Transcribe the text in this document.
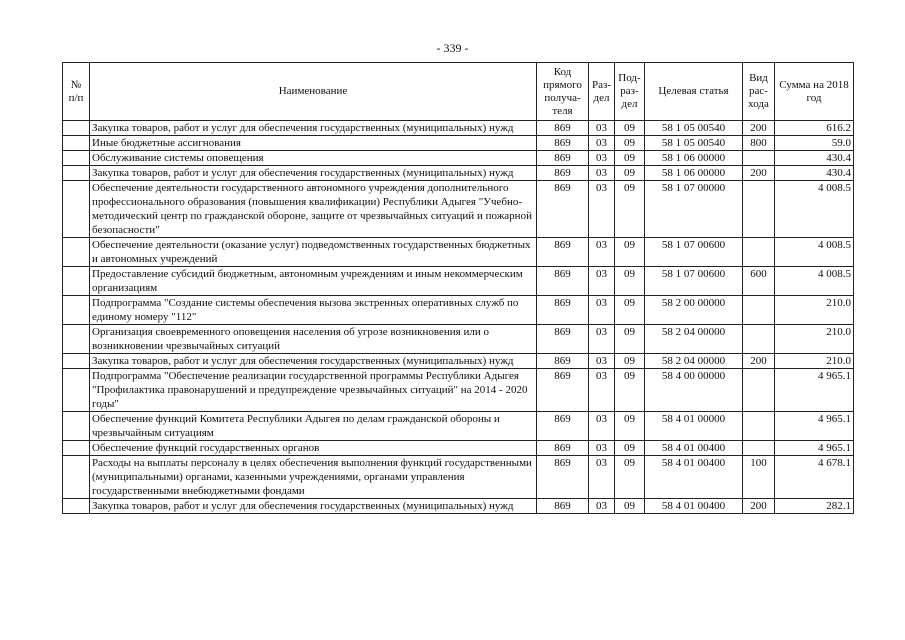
- 339 -
№ п/п	Наименование	Код прямого получа-теля	Раз-дел	Под-раз-дел	Целевая статья	Вид рас-хода	Сумма на 2018 год
	Закупка товаров, работ и услуг для обеспечения государственных (муниципальных) нужд	869	03	09	58 1 05 00540	200	616.2
	Иные бюджетные ассигнования	869	03	09	58 1 05 00540	800	59.0
	Обслуживание системы оповещения	869	03	09	58 1 06 00000		430.4
	Закупка товаров, работ и услуг для обеспечения государственных (муниципальных) нужд	869	03	09	58 1 06 00000	200	430.4
	Обеспечение деятельности государственного автономного учреждения дополнительного профессионального образования (повышения квалификации) Республики Адыгея "Учебно-методический центр по гражданской обороне, защите от чрезвычайных ситуаций и пожарной безопасности"	869	03	09	58 1 07 00000		4 008.5
	Обеспечение деятельности (оказание услуг) подведомственных государственных бюджетных и автономных учреждений	869	03	09	58 1 07 00600		4 008.5
	Предоставление субсидий бюджетным, автономным учреждениям и иным некоммерческим организациям	869	03	09	58 1 07 00600	600	4 008.5
	Подпрограмма "Создание системы обеспечения вызова экстренных оперативных служб по единому номеру "112"	869	03	09	58 2 00 00000		210.0
	Организация своевременного оповещения населения об угрозе возникновения или о возникновении чрезвычайных ситуаций	869	03	09	58 2 04 00000		210.0
	Закупка товаров, работ и услуг для обеспечения государственных (муниципальных) нужд	869	03	09	58 2 04 00000	200	210.0
	Подпрограмма "Обеспечение реализации государственной программы Республики Адыгея "Профилактика правонарушений и предупреждение чрезвычайных ситуаций" на 2014 - 2020 годы"	869	03	09	58 4 00 00000		4 965.1
	Обеспечение функций Комитета Республики Адыгея по делам гражданской обороны и чрезвычайным ситуациям	869	03	09	58 4 01 00000		4 965.1
	Обеспечение функций государственных органов	869	03	09	58 4 01 00400		4 965.1
	Расходы на выплаты персоналу в целях обеспечения выполнения функций государственными (муниципальными) органами, казенными учреждениями, органами управления государственными внебюджетными фондами	869	03	09	58 4 01 00400	100	4 678.1
	Закупка товаров, работ и услуг для обеспечения государственных (муниципальных) нужд	869	03	09	58 4 01 00400	200	282.1
